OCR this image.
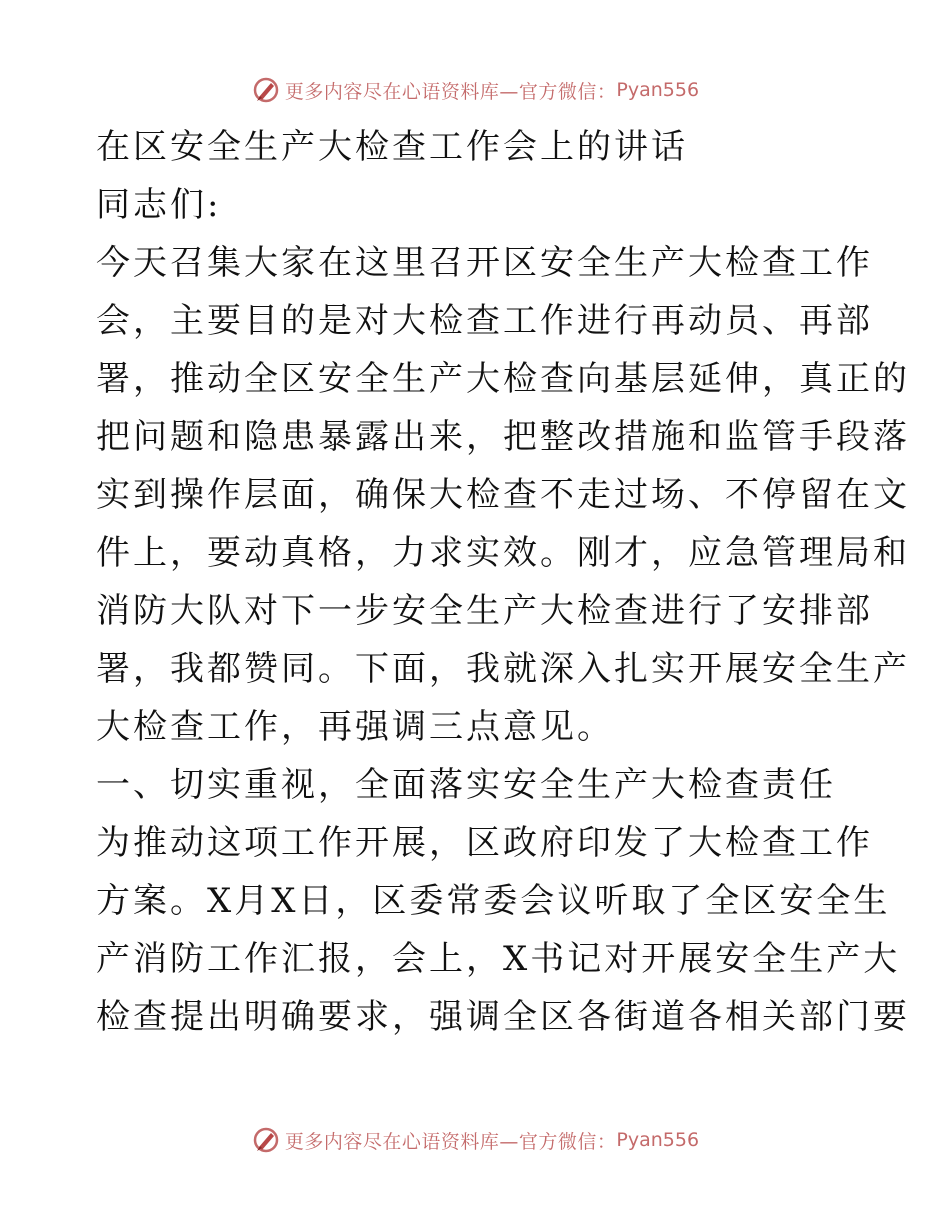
更多内容尽在心语资料库—官方微信： Pyan556
在区安全生产大检查工作会上的讲话
同志们:
今天召集大家在这里召开区安全生产大检查工作
会，主要目的是对大检查工作进行再动员、再部
署，推动全区安全生产大检查向基层延伸，真正的
把问题和隐患暴露出来，把整改措施和监管手段落
实到操作层面，确保大检查不走过场、不停留在文
件上，要动真格，力求实效。刚才，应急管理局和
消防大队对下一步安全生产大检查进行了安排部
署，我都赞同。下面，我就深入扎实开展安全生产
大检查工作，再强调三点意见。
一、切实重视，全面落实安全生产大检查责任
为推动这项工作开展，区政府印发了大检查工作
方案。X月X日，区委常委会议听取了全区安全生
产消防工作汇报，会上，X书记对开展安全生产大
检查提出明确要求，强调全区各街道各相关部门要
更多内容尽在心语资料库—官方微信： Pyan556
